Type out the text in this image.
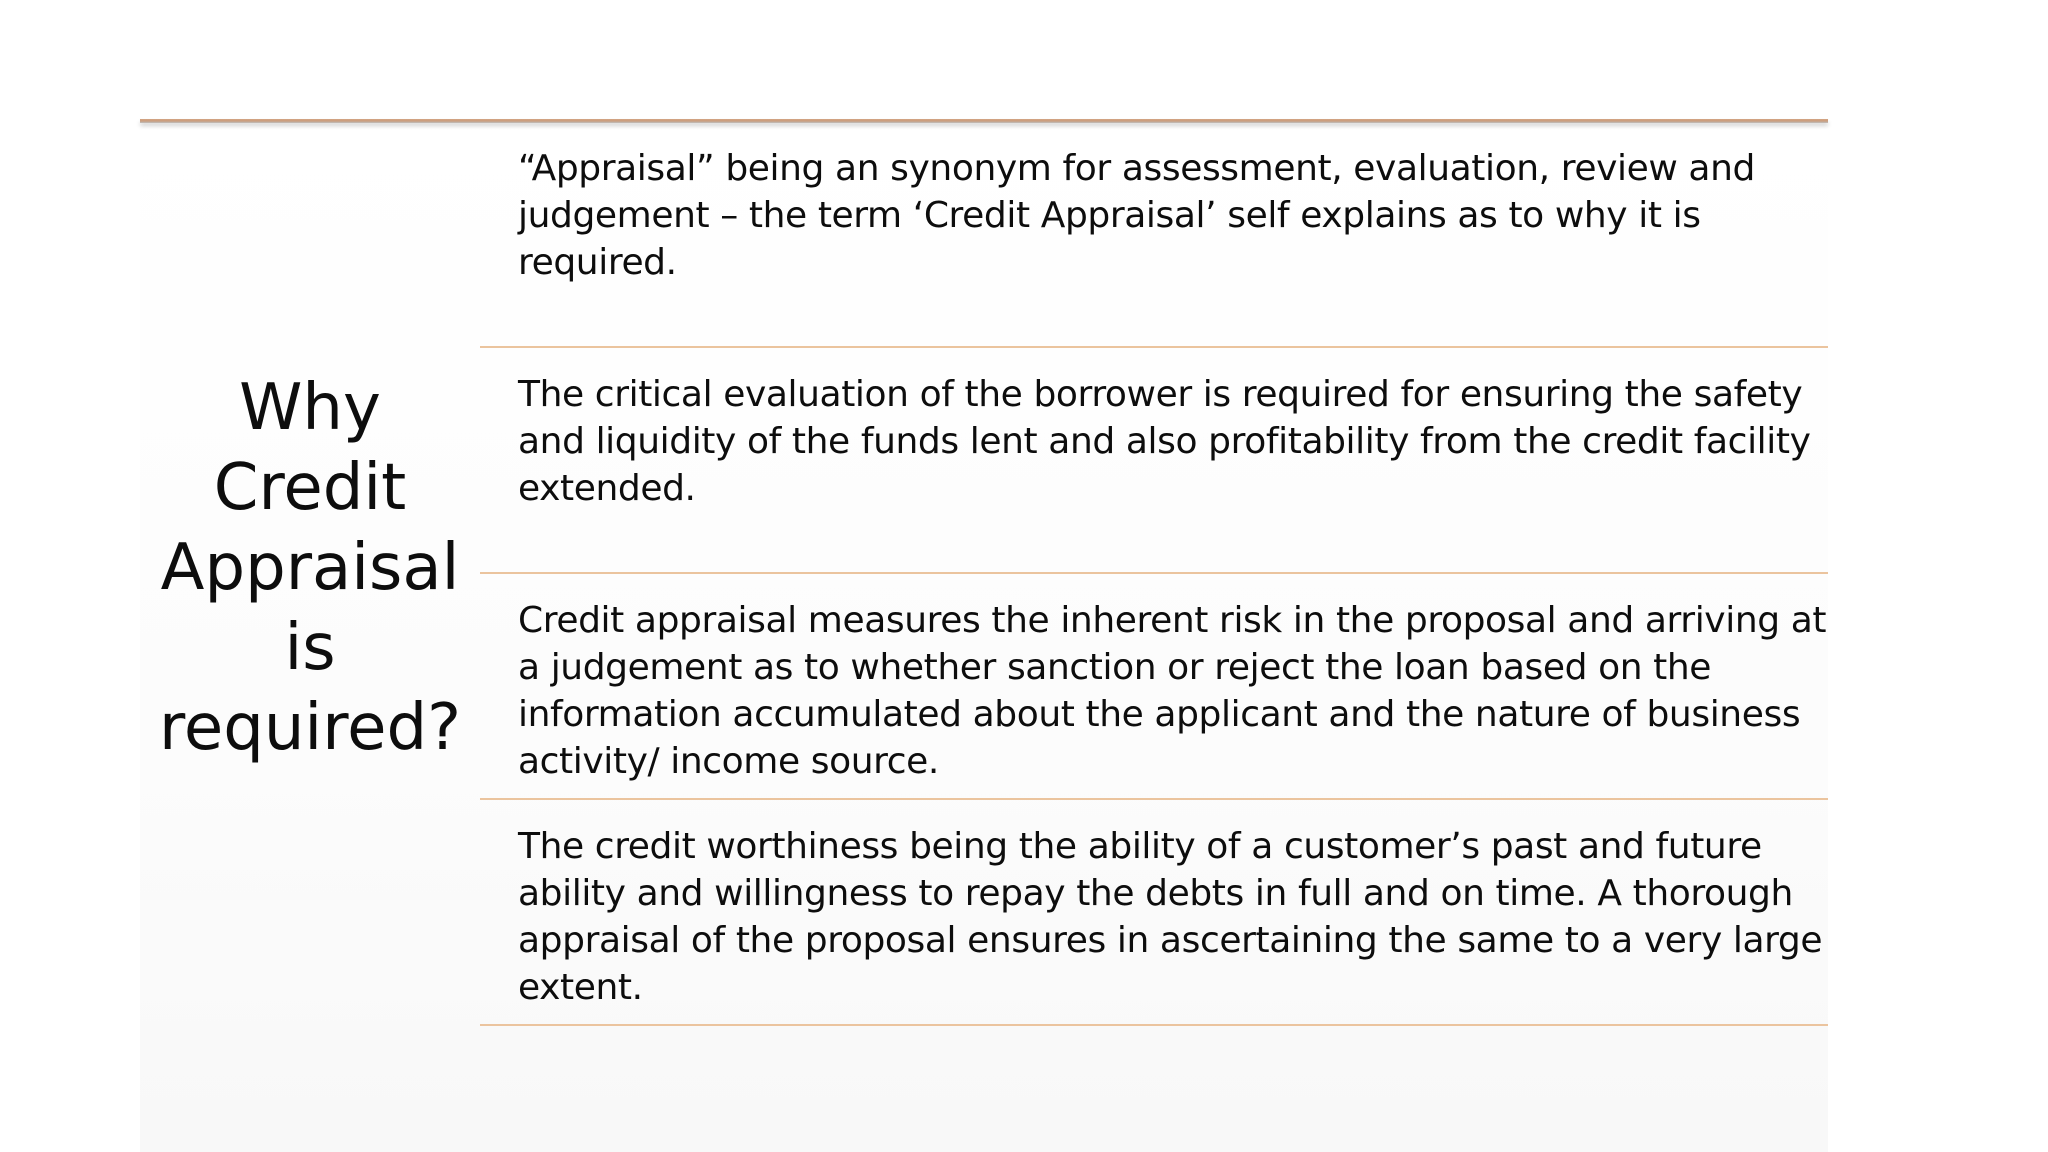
Why Credit Appraisal is required?

“Appraisal” being an synonym for assessment, evaluation, review and judgement – the term ‘Credit Appraisal’ self explains as to why it is required.

The critical evaluation of the borrower is required for ensuring the safety and liquidity of the funds lent and also profitability from the credit facility extended.

Credit appraisal measures the inherent risk in the proposal and arriving at a judgement as to whether sanction or reject the loan based on the information accumulated about the applicant and the nature of business activity/ income source.

The credit worthiness being the ability of a customer’s past and future ability and willingness to repay the debts in full and on time. A thorough appraisal of the proposal ensures in ascertaining the same to a very large extent.
